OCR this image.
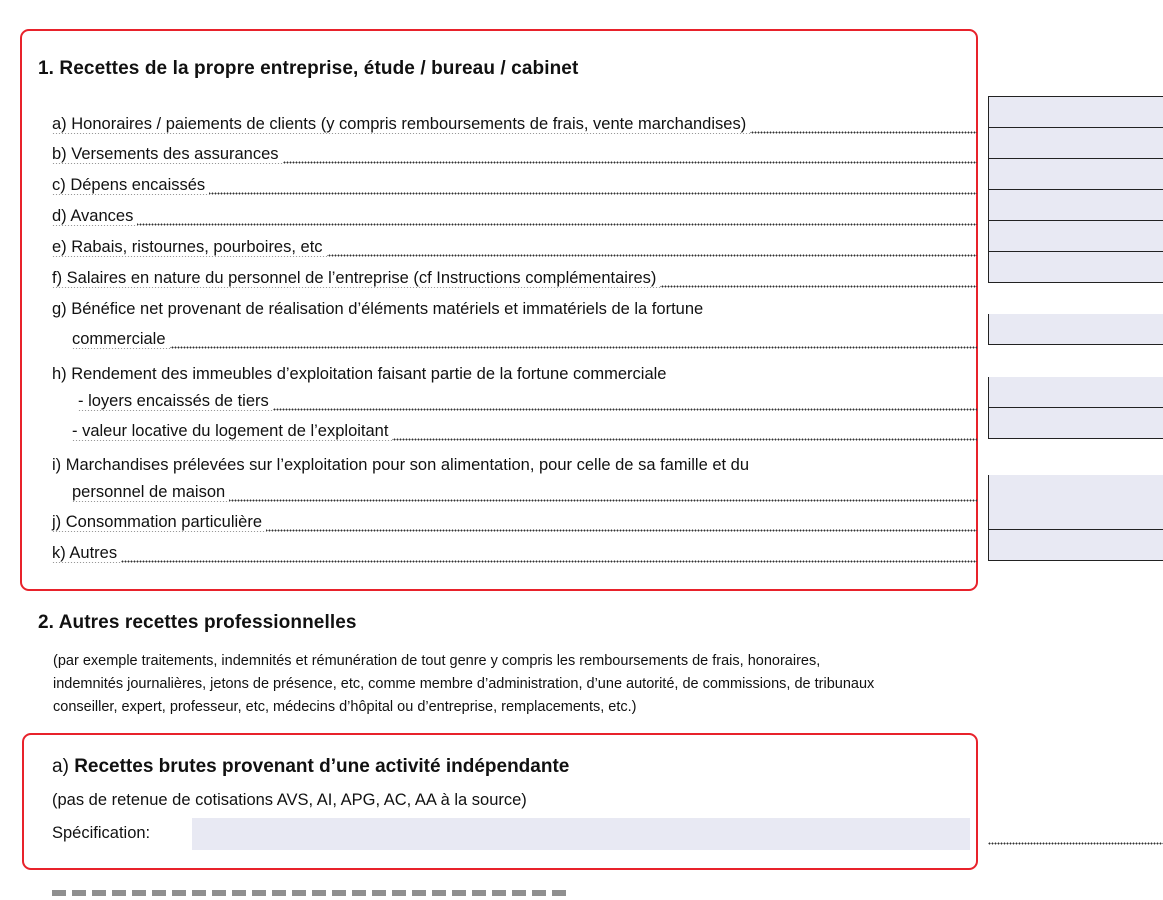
1. Recettes de la propre entreprise, étude / bureau / cabinet
a) Honoraires / paiements de clients (y compris remboursements de frais, vente marchandises)
b) Versements des assurances
c) Dépens encaissés
d) Avances
e) Rabais, ristournes, pourboires, etc
f) Salaires en nature du personnel de l’entreprise (cf Instructions complémentaires)
g) Bénéfice net provenant de réalisation d’éléments matériels et immatériels de la fortune
commerciale
h) Rendement des immeubles d’exploitation faisant partie de la fortune commerciale
- loyers encaissés de tiers
- valeur locative du logement de l’exploitant
i) Marchandises prélevées sur l’exploitation pour son alimentation, pour celle de sa famille et du
personnel de maison
j) Consommation particulière
k) Autres
2. Autres recettes professionnelles
(par exemple traitements, indemnités et rémunération de tout genre y compris les remboursements de frais, honoraires,
indemnités journalières, jetons de présence, etc, comme membre d’administration, d’une autorité, de commissions, de tribunaux
conseiller, expert, professeur, etc, médecins d’hôpital ou d’entreprise, remplacements, etc.)
a) Recettes brutes provenant d’une activité indépendante
(pas de retenue de cotisations AVS, AI, APG, AC, AA à la source)
Spécification:
